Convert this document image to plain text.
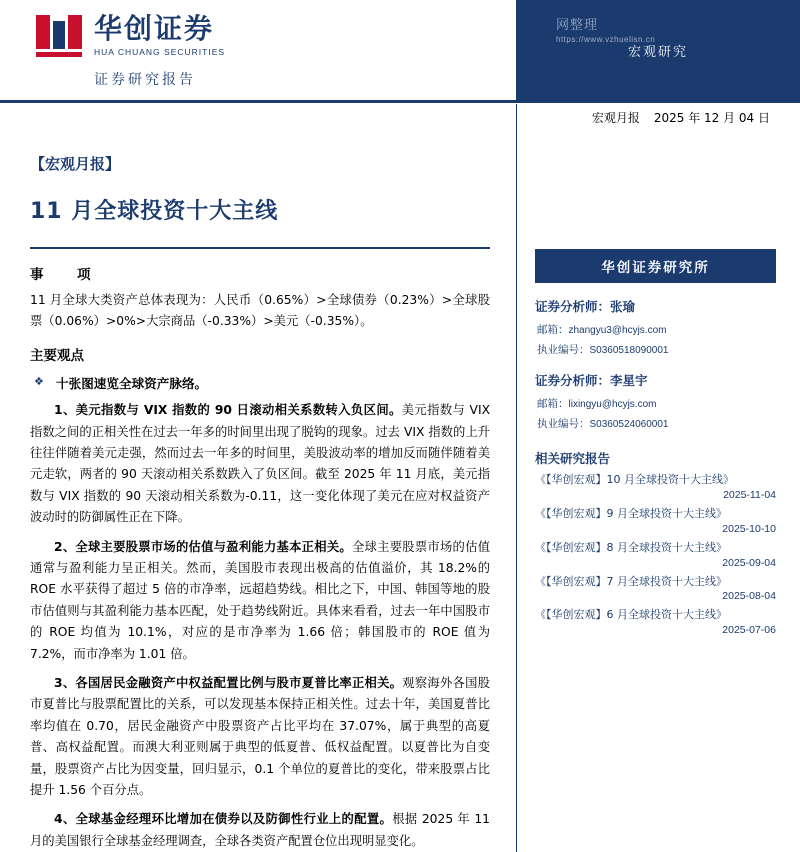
华创证券
HUA CHUANG SECURITIES
证券研究报告
宏观研究
网整理
https://www.vzhuelisn.cn
宏观月报 2025 年 12 月 04 日
【宏观月报】
11 月全球投资十大主线
事　项
11 月全球大类资产总体表现为：人民币（0.65%）>全球债券（0.23%）>全球股票（0.06%）>0%>大宗商品（-0.33%）>美元（-0.35%）。
主要观点
❖ 十张图速览全球资产脉络。
1、美元指数与 VIX 指数的 90 日滚动相关系数转入负区间。美元指数与 VIX 指数之间的正相关性在过去一年多的时间里出现了脱钩的现象。过去 VIX 指数的上升往往伴随着美元走强，然而过去一年多的时间里，美股波动率的增加反而随伴随着美元走软，两者的 90 天滚动相关系数跌入了负区间。截至 2025 年 11 月底，美元指数与 VIX 指数的 90 天滚动相关系数为-0.11，这一变化体现了美元在应对权益资产波动时的防御属性正在下降。
2、全球主要股票市场的估值与盈利能力基本正相关。全球主要股票市场的估值通常与盈利能力呈正相关。然而，美国股市表现出极高的估值溢价，其 18.2%的 ROE 水平获得了超过 5 倍的市净率，远超趋势线。相比之下，中国、韩国等地的股市估值则与其盈利能力基本匹配，处于趋势线附近。具体来看看，过去一年中国股市的 ROE 均值为 10.1%，对应的是市净率为 1.66 倍；韩国股市的 ROE 值为 7.2%，而市净率为 1.01 倍。
3、各国居民金融资产中权益配置比例与股市夏普比率正相关。观察海外各国股市夏普比与股票配置比的关系，可以发现基本保持正相关性。过去十年，美国夏普比率均值在 0.70，居民金融资产中股票资产占比平均在 37.07%，属于典型的高夏普、高权益配置。而澳大利亚则属于典型的低夏普、低权益配置。以夏普比为自变量，股票资产占比为因变量，回归显示，0.1 个单位的夏普比的变化，带来股票占比提升 1.56 个百分点。
4、全球基金经理环比增加在债券以及防御性行业上的配置。根据 2025 年 11 月的美国银行全球基金经理调查，全球各类资产配置仓位出现明显变化。
华创证券研究所
证券分析师：张瑜
邮箱：zhangyu3@hcyjs.com
执业编号：S0360518090001
证券分析师：李星宇
邮箱：lixingyu@hcyjs.com
执业编号：S0360524060001
相关研究报告
《【华创宏观】10 月全球投资十大主线》
2025-11-04
《【华创宏观】9 月全球投资十大主线》
2025-10-10
《【华创宏观】8 月全球投资十大主线》
2025-09-04
《【华创宏观】7 月全球投资十大主线》
2025-08-04
《【华创宏观】6 月全球投资十大主线》
2025-07-06
